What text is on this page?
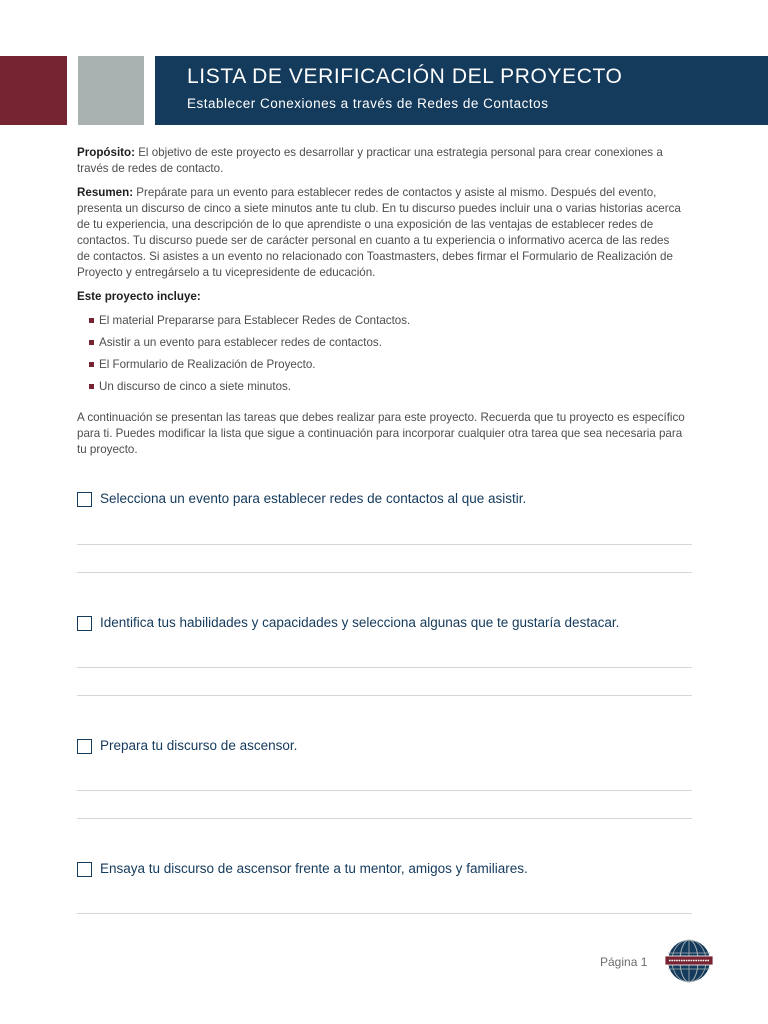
LISTA DE VERIFICACIÓN DEL PROYECTO
Establecer Conexiones a través de Redes de Contactos

Propósito: El objetivo de este proyecto es desarrollar y practicar una estrategia personal para crear conexiones a través de redes de contacto.

Resumen: Prepárate para un evento para establecer redes de contactos y asiste al mismo. Después del evento, presenta un discurso de cinco a siete minutos ante tu club. En tu discurso puedes incluir una o varias historias acerca de tu experiencia, una descripción de lo que aprendiste o una exposición de las ventajas de establecer redes de contactos. Tu discurso puede ser de carácter personal en cuanto a tu experiencia o informativo acerca de las redes de contactos. Si asistes a un evento no relacionado con Toastmasters, debes firmar el Formulario de Realización de Proyecto y entregárselo a tu vicepresidente de educación.

Este proyecto incluye:

El material Prepararse para Establecer Redes de Contactos.
Asistir a un evento para establecer redes de contactos.
El Formulario de Realización de Proyecto.
Un discurso de cinco a siete minutos.

A continuación se presentan las tareas que debes realizar para este proyecto. Recuerda que tu proyecto es específico para ti. Puedes modificar la lista que sigue a continuación para incorporar cualquier otra tarea que sea necesaria para tu proyecto.

Selecciona un evento para establecer redes de contactos al que asistir.
Identifica tus habilidades y capacidades y selecciona algunas que te gustaría destacar.
Prepara tu discurso de ascensor.
Ensaya tu discurso de ascensor frente a tu mentor, amigos y familiares.
Página 1
